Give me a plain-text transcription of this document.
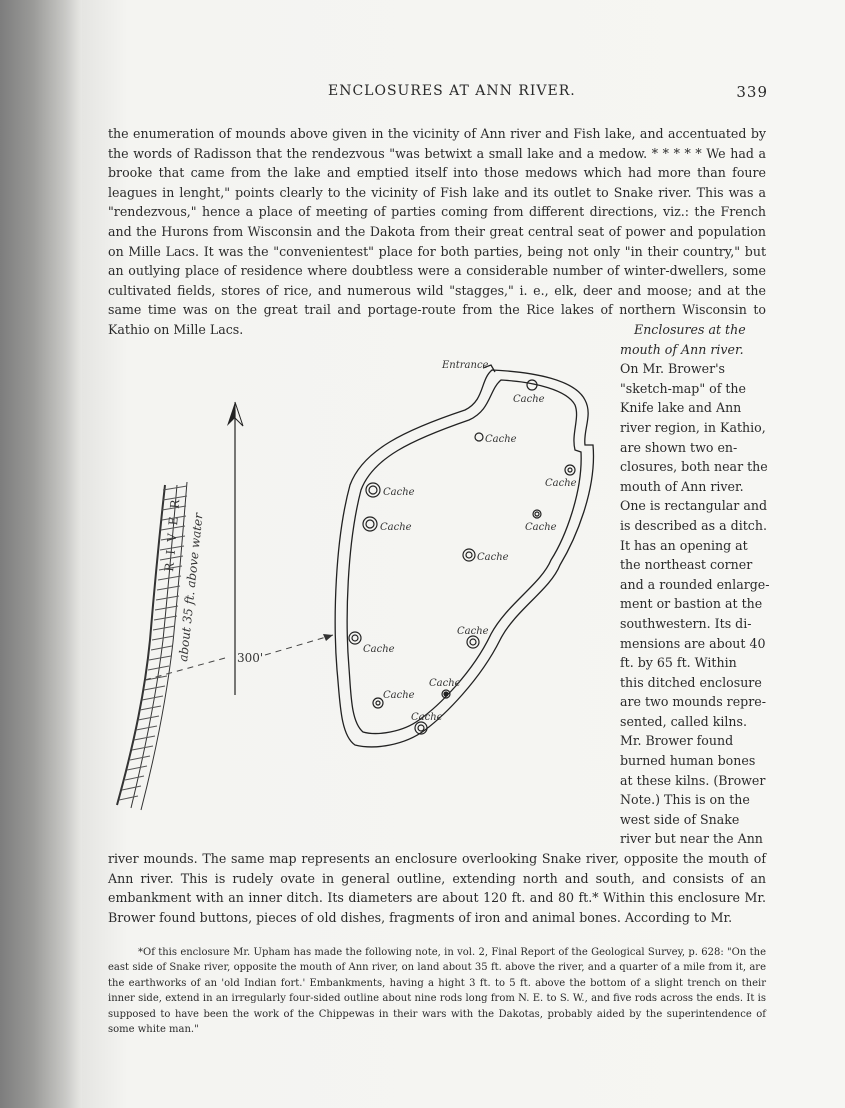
ENCLOSURES AT ANN RIVER.	339
the enumeration of mounds above given in the vicinity of Ann river and Fish lake, and accentuated by the words of Radisson that the rendezvous "was betwixt a small lake and a medow. * * * * * We had a brooke that came from the lake and emptied itself into those medows which had more than foure leagues in lenght," points clearly to the vicinity of Fish lake and its outlet to Snake river. This was a "rendezvous," hence a place of meeting of parties coming from different directions, viz.: the French and the Hurons from Wisconsin and the Dakota from their great central seat of power and population on Mille Lacs. It was the "convenientest" place for both parties, being not only "in their country," but an outlying place of residence where doubtless were a considerable number of winter-dwellers, some cultivated fields, stores of rice, and numerous wild "stagges," i. e., elk, deer and moose; and at the same time was on the great trail and portage-route from the Rice lakes of northern Wisconsin to Kathio on Mille Lacs.
RIVER
about 35 ft. above water	300'
Entrance
Cache
Cache
Cache
Cache
Cache
Cache
Cache
Cache
Cache
Cache
Cache
Cache
Enclosures at the
mouth of Ann river.
On Mr. Brower's
"sketch-map" of the
Knife lake and Ann
river region, in Kathio,
are shown two en-
closures, both near the
mouth of Ann river.
One is rectangular and
is described as a ditch.
It has an opening at
the northeast corner
and a rounded enlarge-
ment or bastion at the
southwestern. Its di-
mensions are about 40
ft. by 65 ft. Within
this ditched enclosure
are two mounds repre-
sented, called kilns.
Mr. Brower found
burned human bones
at these kilns. (Brower
Note.) This is on the
west side of Snake
river but near the Ann
river mounds. The same map represents an enclosure overlooking Snake river, opposite the mouth of Ann river. This is rudely ovate in general outline, extending north and south, and consists of an embankment with an inner ditch. Its diameters are about 120 ft. and 80 ft.* Within this enclosure Mr. Brower found buttons, pieces of old dishes, fragments of iron and animal bones. According to Mr.
*Of this enclosure Mr. Upham has made the following note, in vol. 2, Final Report of the Geological Survey, p. 628: "On the east side of Snake river, opposite the mouth of Ann river, on land about 35 ft. above the river, and a quarter of a mile from it, are the earthworks of an 'old Indian fort.' Embankments, having a hight 3 ft. to 5 ft. above the bottom of a slight trench on their inner side, extend in an irregularly four-sided outline about nine rods long from N. E. to S. W., and five rods across the ends. It is supposed to have been the work of the Chippewas in their wars with the Dakotas, probably aided by the superintendence of some white man."
